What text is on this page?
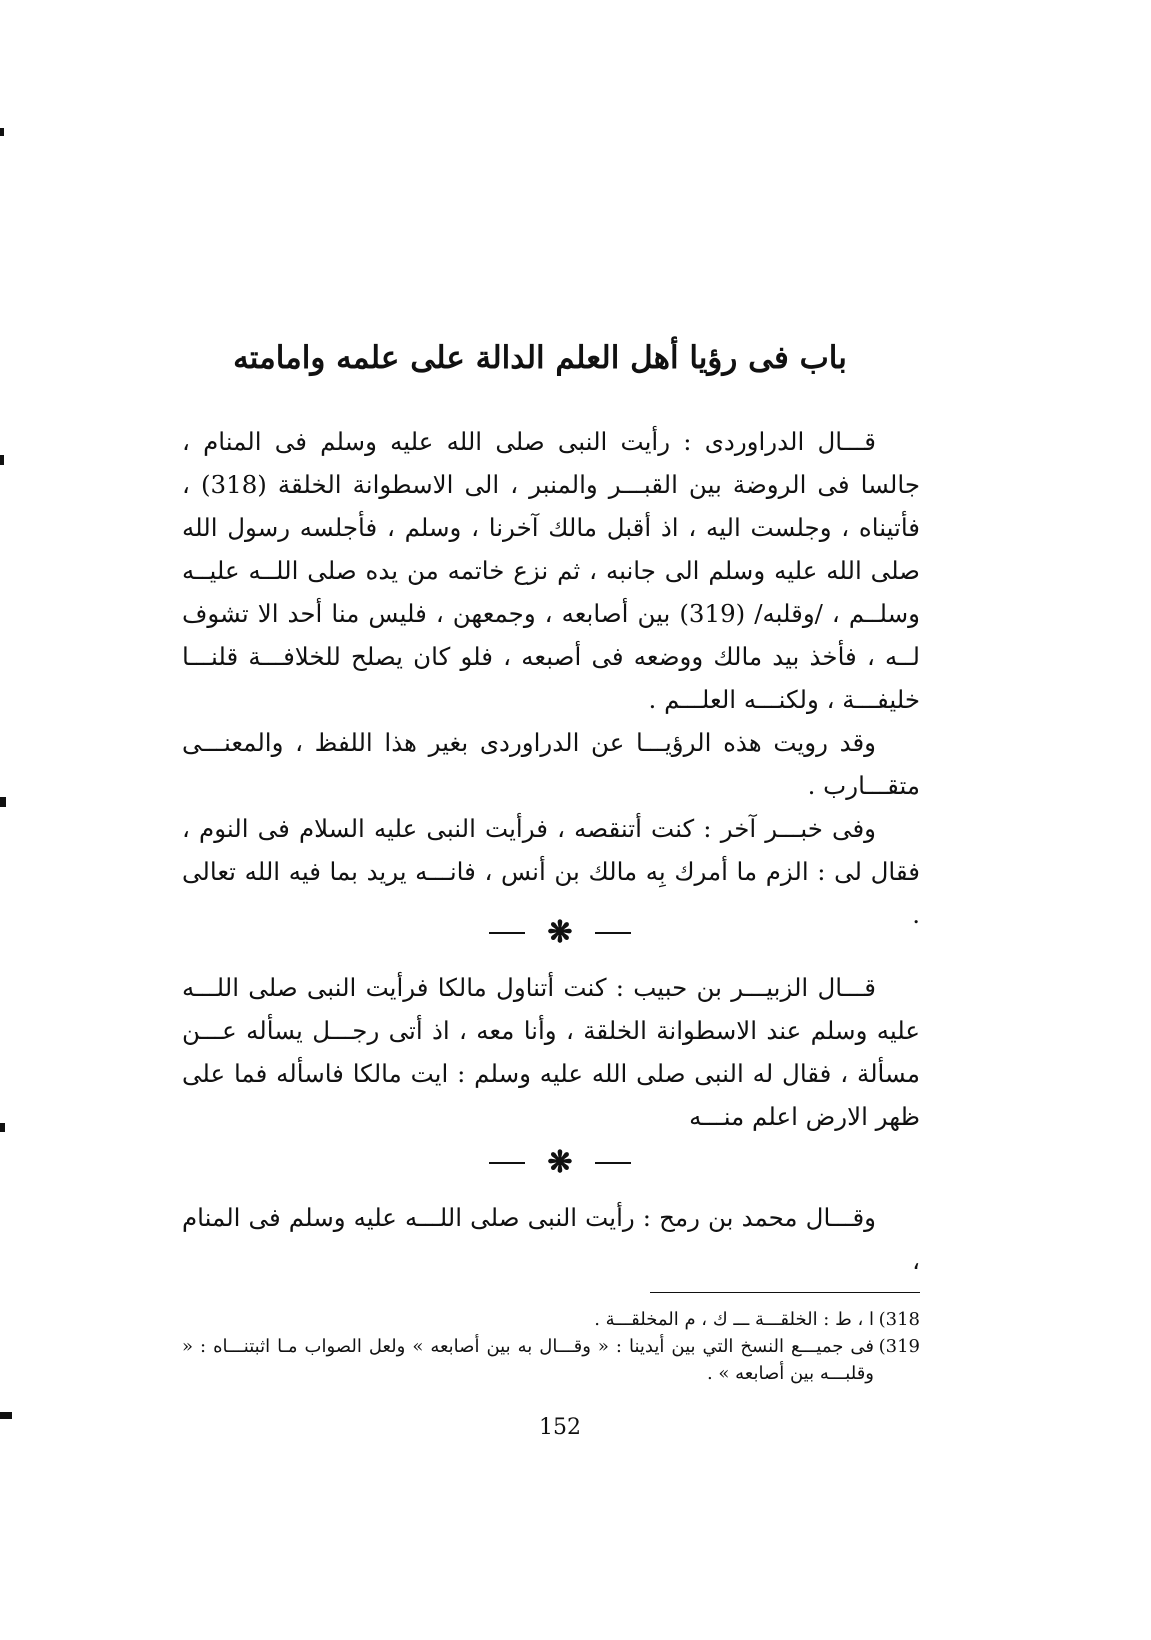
باب فى رؤيا أهل العلم الدالة على علمه وامامته

قـــال الدراوردى : رأيت النبى صلى الله عليه وسلم فى المنام ، جالسا فى الروضة بين القبـــر والمنبر ، الى الاسطوانة الخلقة (318) ، فأتيناه ، وجلست اليه ، اذ أقبل مالك آخرنا ، وسلم ، فأجلسه رسول الله صلى الله عليه وسلم الى جانبه ، ثم نزع خاتمه من يده صلى اللــه عليــه وسلــم ، /وقلبه/ (319) بين أصابعه ، وجمعهن ، فليس منا أحد الا تشوف لــه ، فأخذ بيد مالك ووضعه فى أصبعه ، فلو كان يصلح للخلافـــة قلنـــا خليفـــة ، ولكنـــه العلـــم .

وقد رويت هذه الرؤيـــا عن الدراوردى بغير هذا اللفظ ، والمعنـــى متقـــارب .

وفى خبـــر آخر : كنت أتنقصه ، فرأيت النبى عليه السلام فى النوم ، فقال لى : الزم ما أمرك بِه مالك بن أنس ، فانـــه يريد بما فيه الله تعالى .

❋

قـــال الزبيـــر بن حبيب : كنت أتناول مالكا فرأيت النبى صلى اللـــه عليه وسلم عند الاسطوانة الخلقة ، وأنا معه ، اذ أتى رجـــل يسأله عـــن مسألة ، فقال له النبى صلى الله عليه وسلم : ايت مالكا فاسأله فما على ظهر الارض اعلم منـــه

❋

وقـــال محمد بن رمح : رأيت النبى صلى اللـــه عليه وسلم فى المنام ،

(318
ا ، ط : الخلقـــة ـــ ك ، م المخلقـــة .
(319
فى جميـــع النسخ التي بين أيدينا : « وقـــال به بين أصابعه » ولعل الصواب مـا اثبتنـــاه : « وقلبـــه بين أصابعه » .
152
